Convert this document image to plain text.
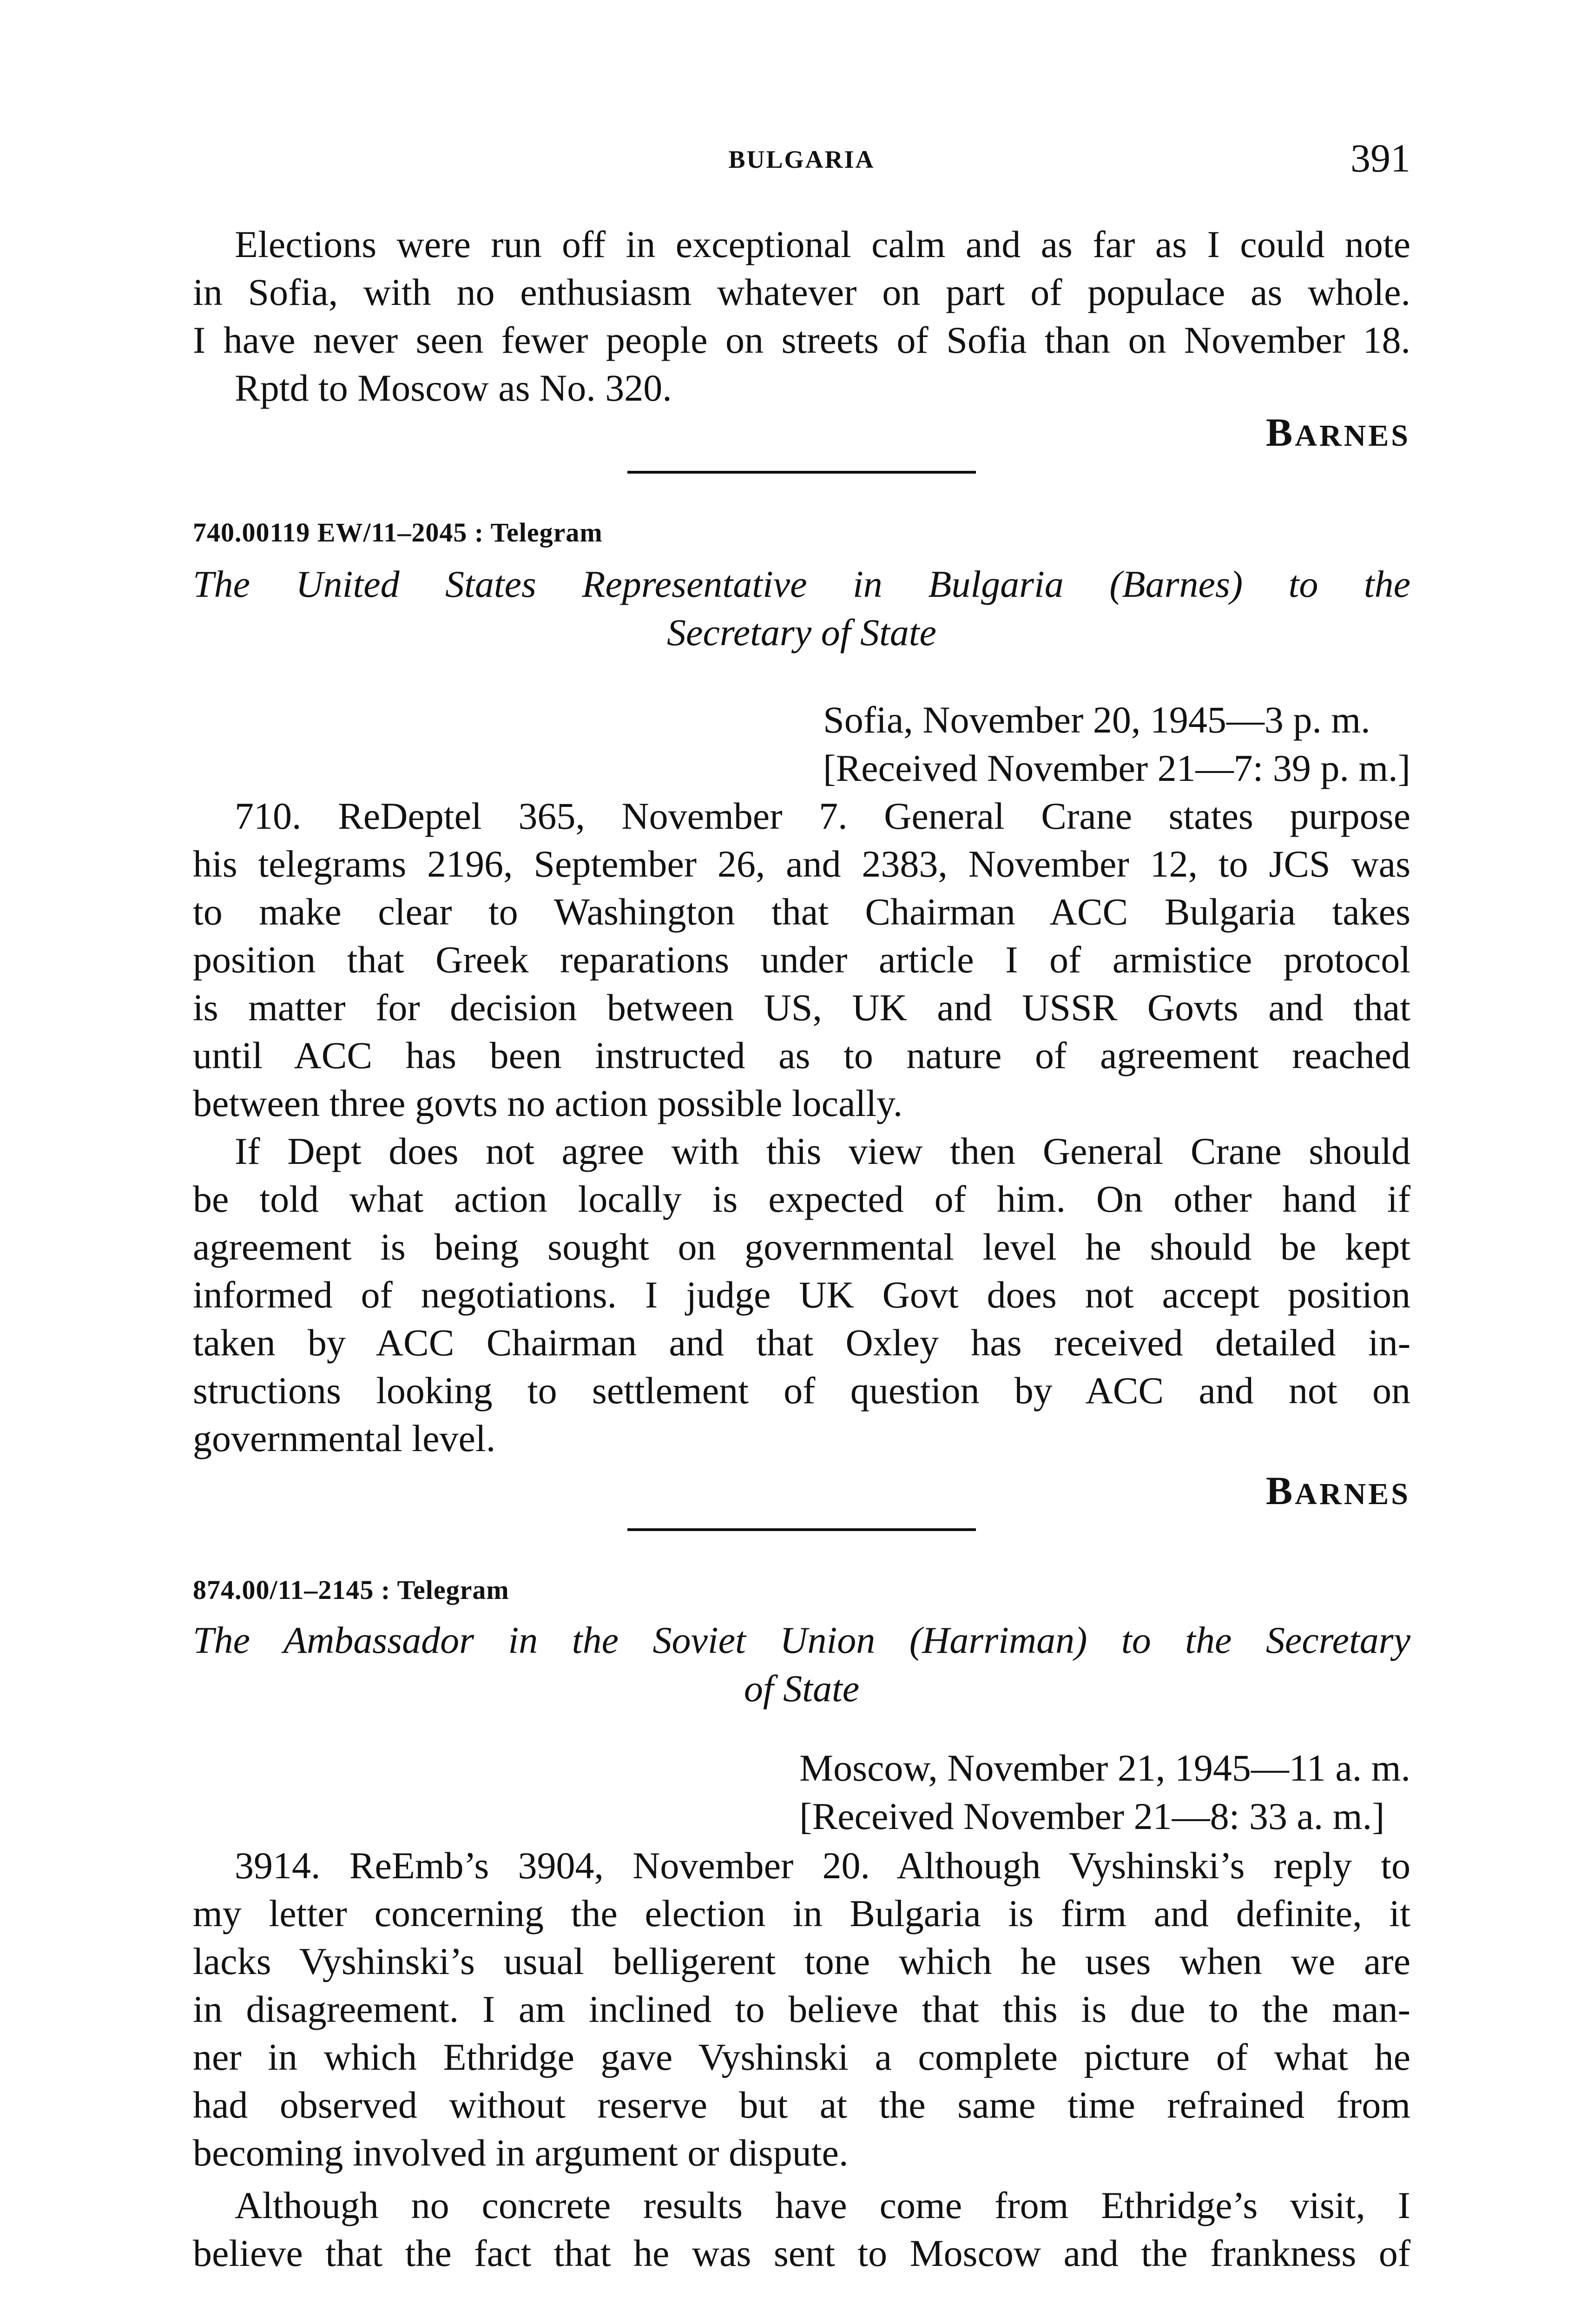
BULGARIA	391

Elections were run off in exceptional calm and as far as I could note
in Sofia, with no enthusiasm whatever on part of populace as whole.
I have never seen fewer people on streets of Sofia than on November 18.
Rptd to Moscow as No. 320.

BARNES
740.00119 EW/11–2045 : Telegram
The United States Representative in Bulgaria (Barnes) to the
Secretary of State
Sofia, November 20, 1945—3 p. m.
[Received November 21—7: 39 p. m.]

710. ReDeptel 365, November 7. General Crane states purpose
his telegrams 2196, September 26, and 2383, November 12, to JCS was
to make clear to Washington that Chairman ACC Bulgaria takes
position that Greek reparations under article I of armistice protocol
is matter for decision between US, UK and USSR Govts and that
until ACC has been instructed as to nature of agreement reached
between three govts no action possible locally.

If Dept does not agree with this view then General Crane should
be told what action locally is expected of him. On other hand if
agreement is being sought on governmental level he should be kept
informed of negotiations. I judge UK Govt does not accept position
taken by ACC Chairman and that Oxley has received detailed in-
structions looking to settlement of question by ACC and not on
governmental level.

BARNES
874.00/11–2145 : Telegram
The Ambassador in the Soviet Union (Harriman) to the Secretary
of State
Moscow, November 21, 1945—11 a. m.
[Received November 21—8: 33 a. m.]

3914. ReEmb’s 3904, November 20. Although Vyshinski’s reply to
my letter concerning the election in Bulgaria is firm and definite, it
lacks Vyshinski’s usual belligerent tone which he uses when we are
in disagreement. I am inclined to believe that this is due to the man-
ner in which Ethridge gave Vyshinski a complete picture of what he
had observed without reserve but at the same time refrained from
becoming involved in argument or dispute.

Although no concrete results have come from Ethridge’s visit, I
believe that the fact that he was sent to Moscow and the frankness of
